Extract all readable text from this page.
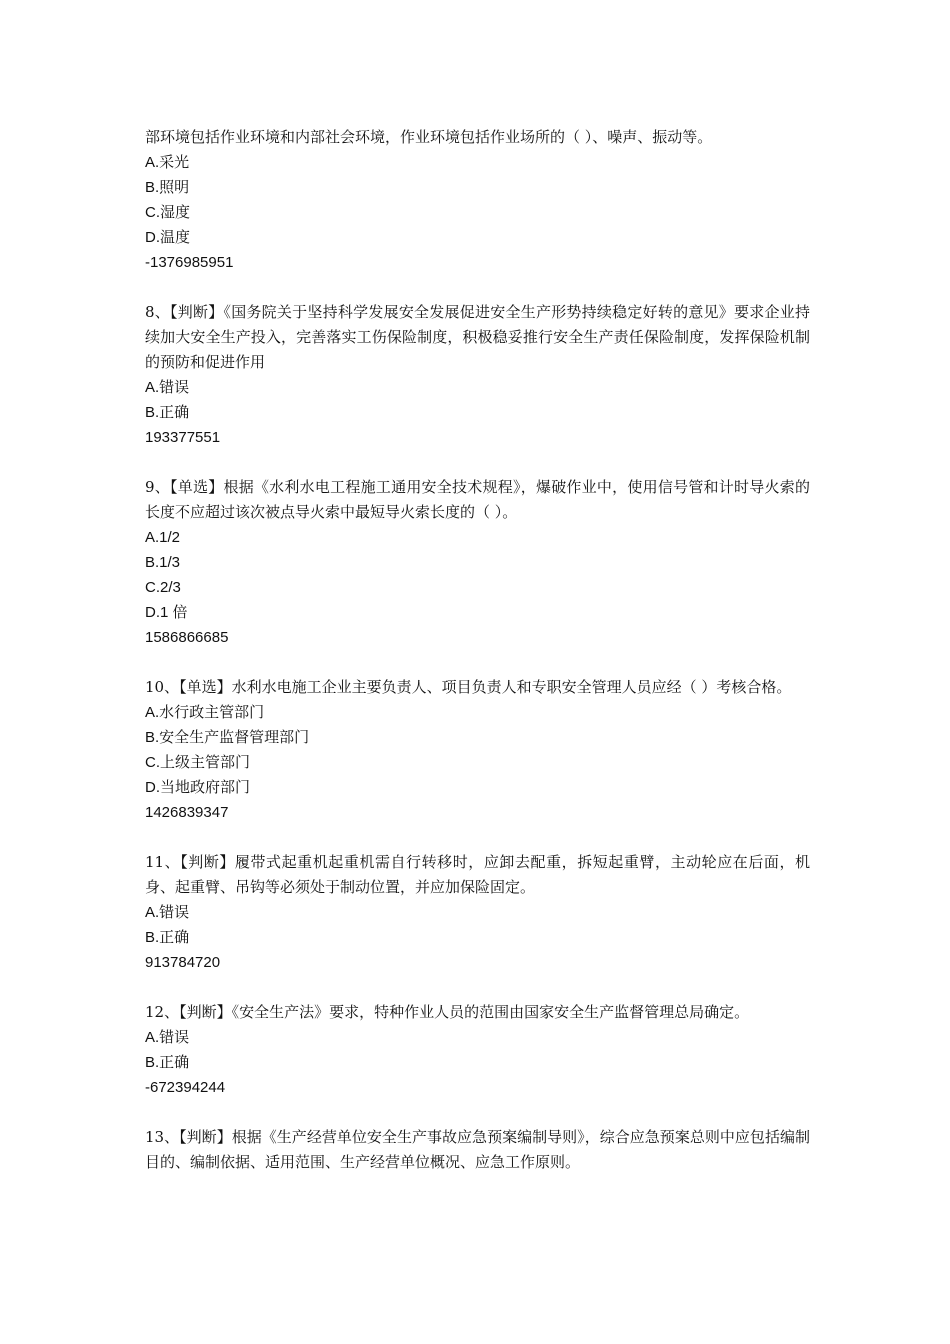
部环境包括作业环境和内部社会环境，作业环境包括作业场所的（ ）、噪声、振动等。

A.采光

B.照明

C.湿度

D.温度

-1376985951

8、【判断】《国务院关于坚持科学发展安全发展促进安全生产形势持续稳定好转的意见》要求企业持续加大安全生产投入，完善落实工伤保险制度，积极稳妥推行安全生产责任保险制度，发挥保险机制的预防和促进作用

A.错误

B.正确

193377551

9、【单选】根据《水利水电工程施工通用安全技术规程》，爆破作业中，使用信号管和计时导火索的长度不应超过该次被点导火索中最短导火索长度的（ ）。

A.1/2

B.1/3

C.2/3

D.1 倍

1586866685

10、【单选】水利水电施工企业主要负责人、项目负责人和专职安全管理人员应经（ ）考核合格。

A.水行政主管部门

B.安全生产监督管理部门

C.上级主管部门

D.当地政府部门

1426839347

11、【判断】履带式起重机起重机需自行转移时，应卸去配重，拆短起重臂，主动轮应在后面，机身、起重臂、吊钩等必须处于制动位置，并应加保险固定。

A.错误

B.正确

913784720

12、【判断】《安全生产法》要求，特种作业人员的范围由国家安全生产监督管理总局确定。

A.错误

B.正确

-672394244

13、【判断】根据《生产经营单位安全生产事故应急预案编制导则》，综合应急预案总则中应包括编制目的、编制依据、适用范围、生产经营单位概况、应急工作原则。
